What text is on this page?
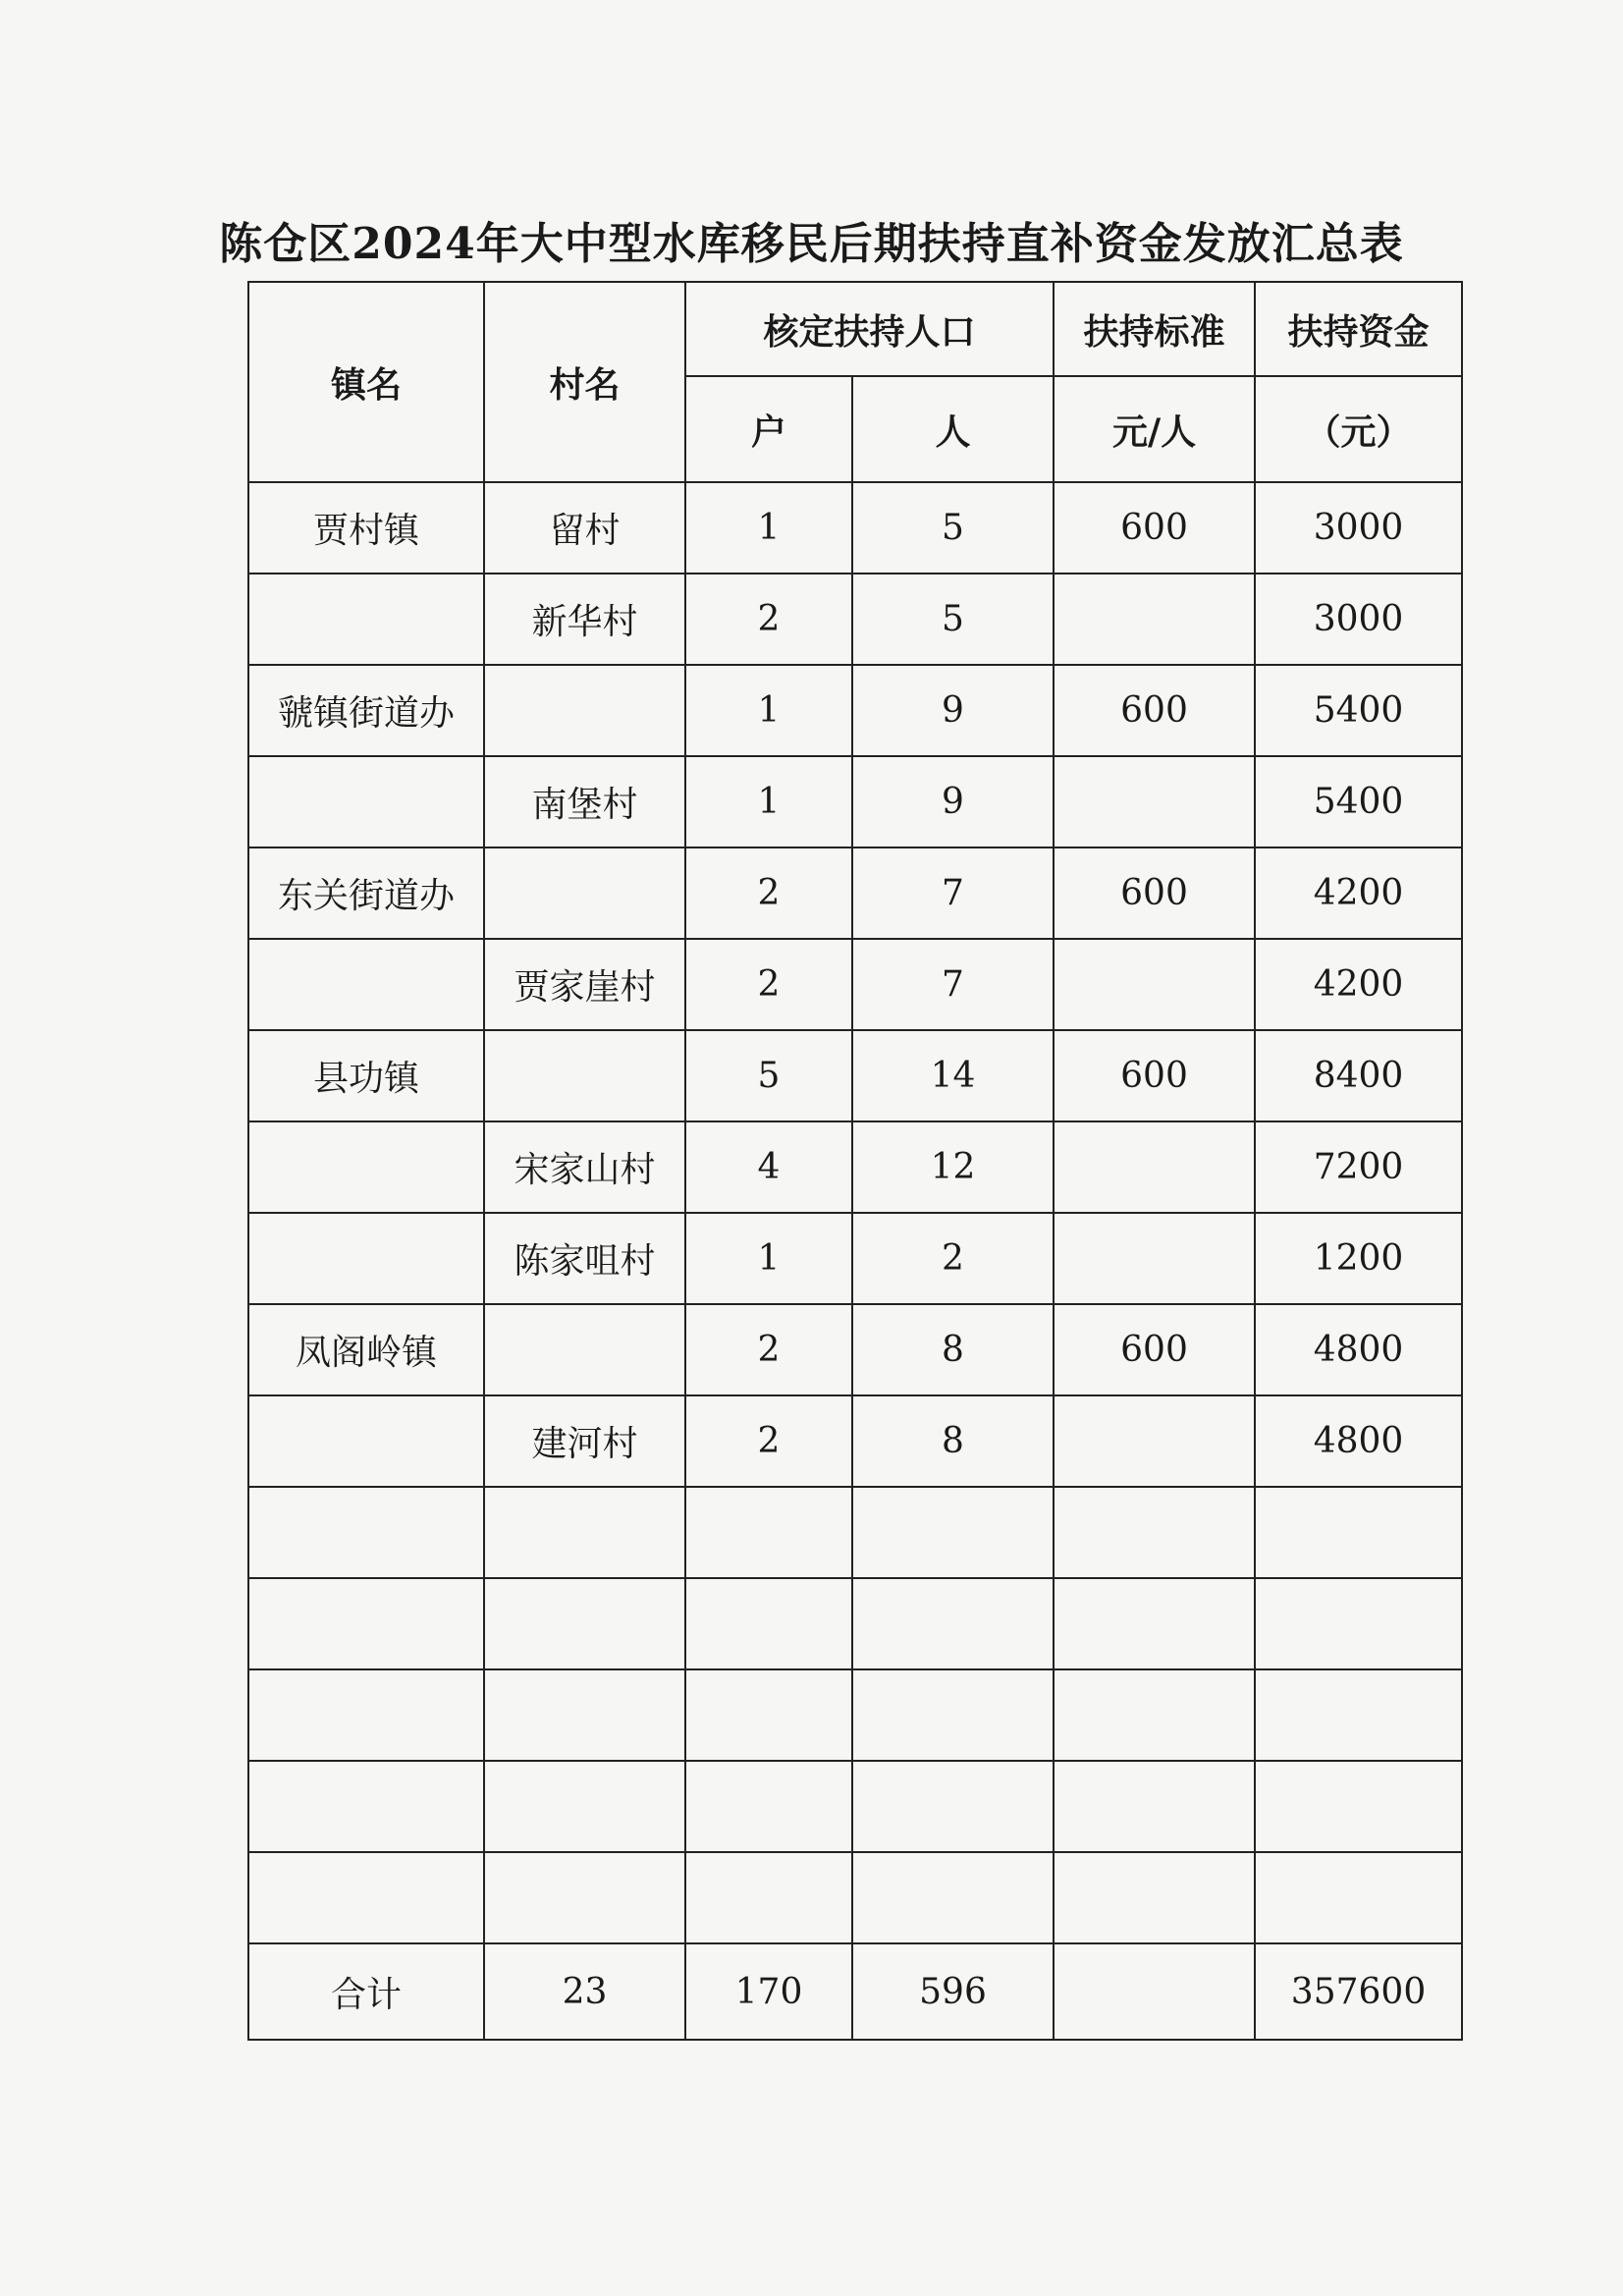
陈仓区2024年大中型水库移民后期扶持直补资金发放汇总表
镇名	村名	核定扶持人口		扶持标准	扶持资金
		户	人	元/人	（元）
贾村镇	留村	1	5	600	3000
	新华村	2	5		3000
虢镇街道办		1	9	600	5400
	南堡村	1	9		5400
东关街道办		2	7	600	4200
	贾家崖村	2	7		4200
县功镇		5	14	600	8400
	宋家山村	4	12		7200
	陈家咀村	1	2		1200
凤阁岭镇		2	8	600	4800
	建河村	2	8		4800

合计	23	170	596		357600
